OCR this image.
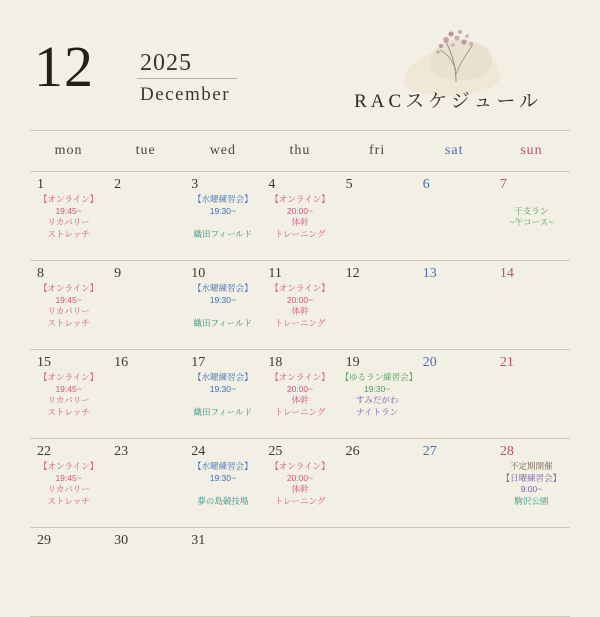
12 2025
December	RACスケジュール
mon	tue	wed	thu	fri	sat	sun

1
【オンライン】
19:45~
リカバリー
ストレッチ	2	3
【水曜練習会】
19:30~

織田フィールド	4
【オンライン】
20:00~
体幹
トレーニング	5	6	7

干支ラン
~午コース~

8
【オンライン】
19:45~
リカバリー
ストレッチ	9	10
【水曜練習会】
19:30~

織田フィールド	11
【オンライン】
20:00~
体幹
トレーニング	12	13	14

15
【オンライン】
19:45~
リカバリー
ストレッチ	16	17
【水曜練習会】
19:30~

織田フィールド	18
【オンライン】
20:00~
体幹
トレーニング	19
【ゆるラン練習会】
19:30~
すみだがわ
ナイトラン	20	21

22
【オンライン】
19:45~
リカバリー
ストレッチ	23	24
【水曜練習会】
19:30~

夢の島競技場	25
【オンライン】
20:00~
体幹
トレーニング	26	27	28
不定期開催
【日曜練習会】
9:00~
駒沢公園

29	30	31				
